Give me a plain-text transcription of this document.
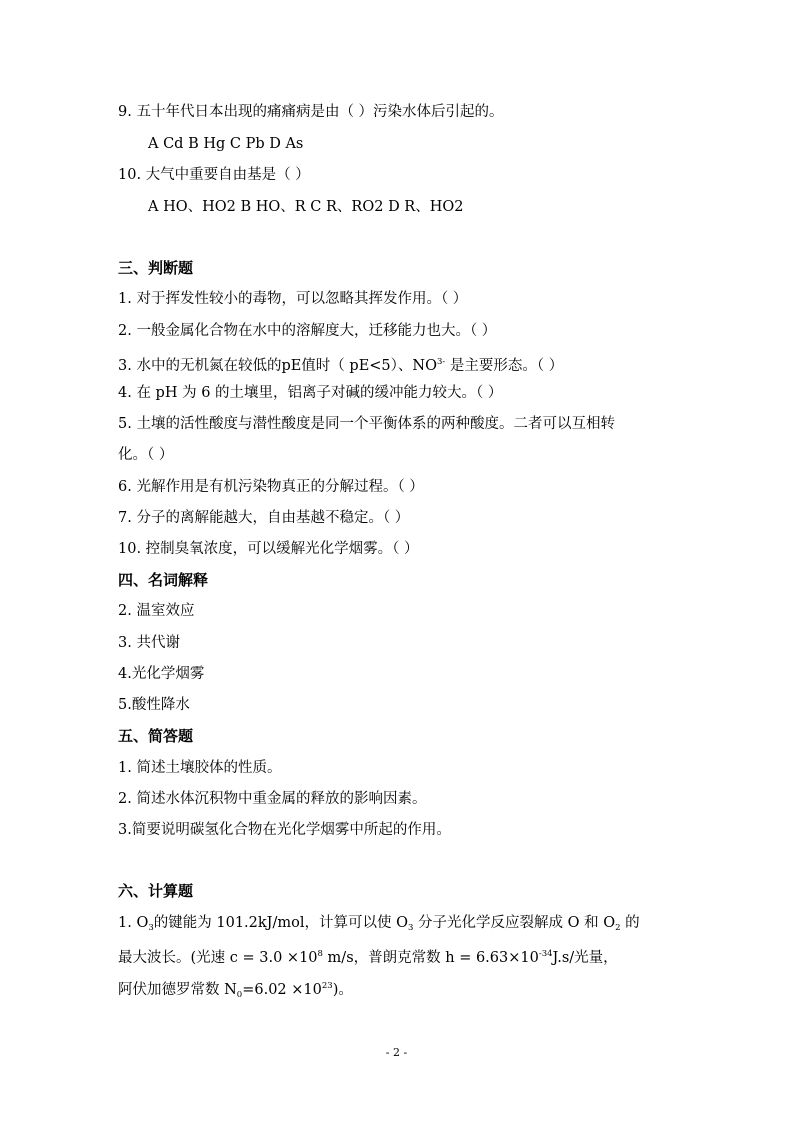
9. 五十年代日本出现的痛痛病是由（ ）污染水体后引起的。
A Cd B Hg C Pb D As
10. 大气中重要自由基是（ ）
A HO、HO2 B HO、R C R、RO2 D R、HO2
三、判断题
1. 对于挥发性较小的毒物，可以忽略其挥发作用。（ ）
2. 一般金属化合物在水中的溶解度大，迁移能力也大。（ ）
3. 水中的无机氮在较低的pE值时（ pE<5）、$NO^{3-}$ 是主要形态。（ ）
4. 在 pH 为 6 的土壤里，铝离子对碱的缓冲能力较大。（ ）
5. 土壤的活性酸度与潜性酸度是同一个平衡体系的两种酸度。二者可以互相转
化。（ ）
6. 光解作用是有机污染物真正的分解过程。（ ）
7. 分子的离解能越大，自由基越不稳定。（ ）
10. 控制臭氧浓度，可以缓解光化学烟雾。（ ）
四、名词解释
2. 温室效应
3. 共代谢
4.光化学烟雾
5.酸性降水
五、简答题
1. 简述土壤胶体的性质。
2. 简述水体沉积物中重金属的释放的影响因素。
3.简要说明碳氢化合物在光化学烟雾中所起的作用。
六、计算题
1. $O_3$的键能为 101.2kJ/mol，计算可以使 $O_3$ 分子光化学反应裂解成 O 和 $O_2$ 的
最大波长。(光速 $c = 3.0 \times 10^8$ m/s，普朗克常数 $h = 6.63\times 10^{-34}J.s/$光量，
阿伏加德罗常数 $N_0=6.02 \times 10^{23}$)。
- 2 -
